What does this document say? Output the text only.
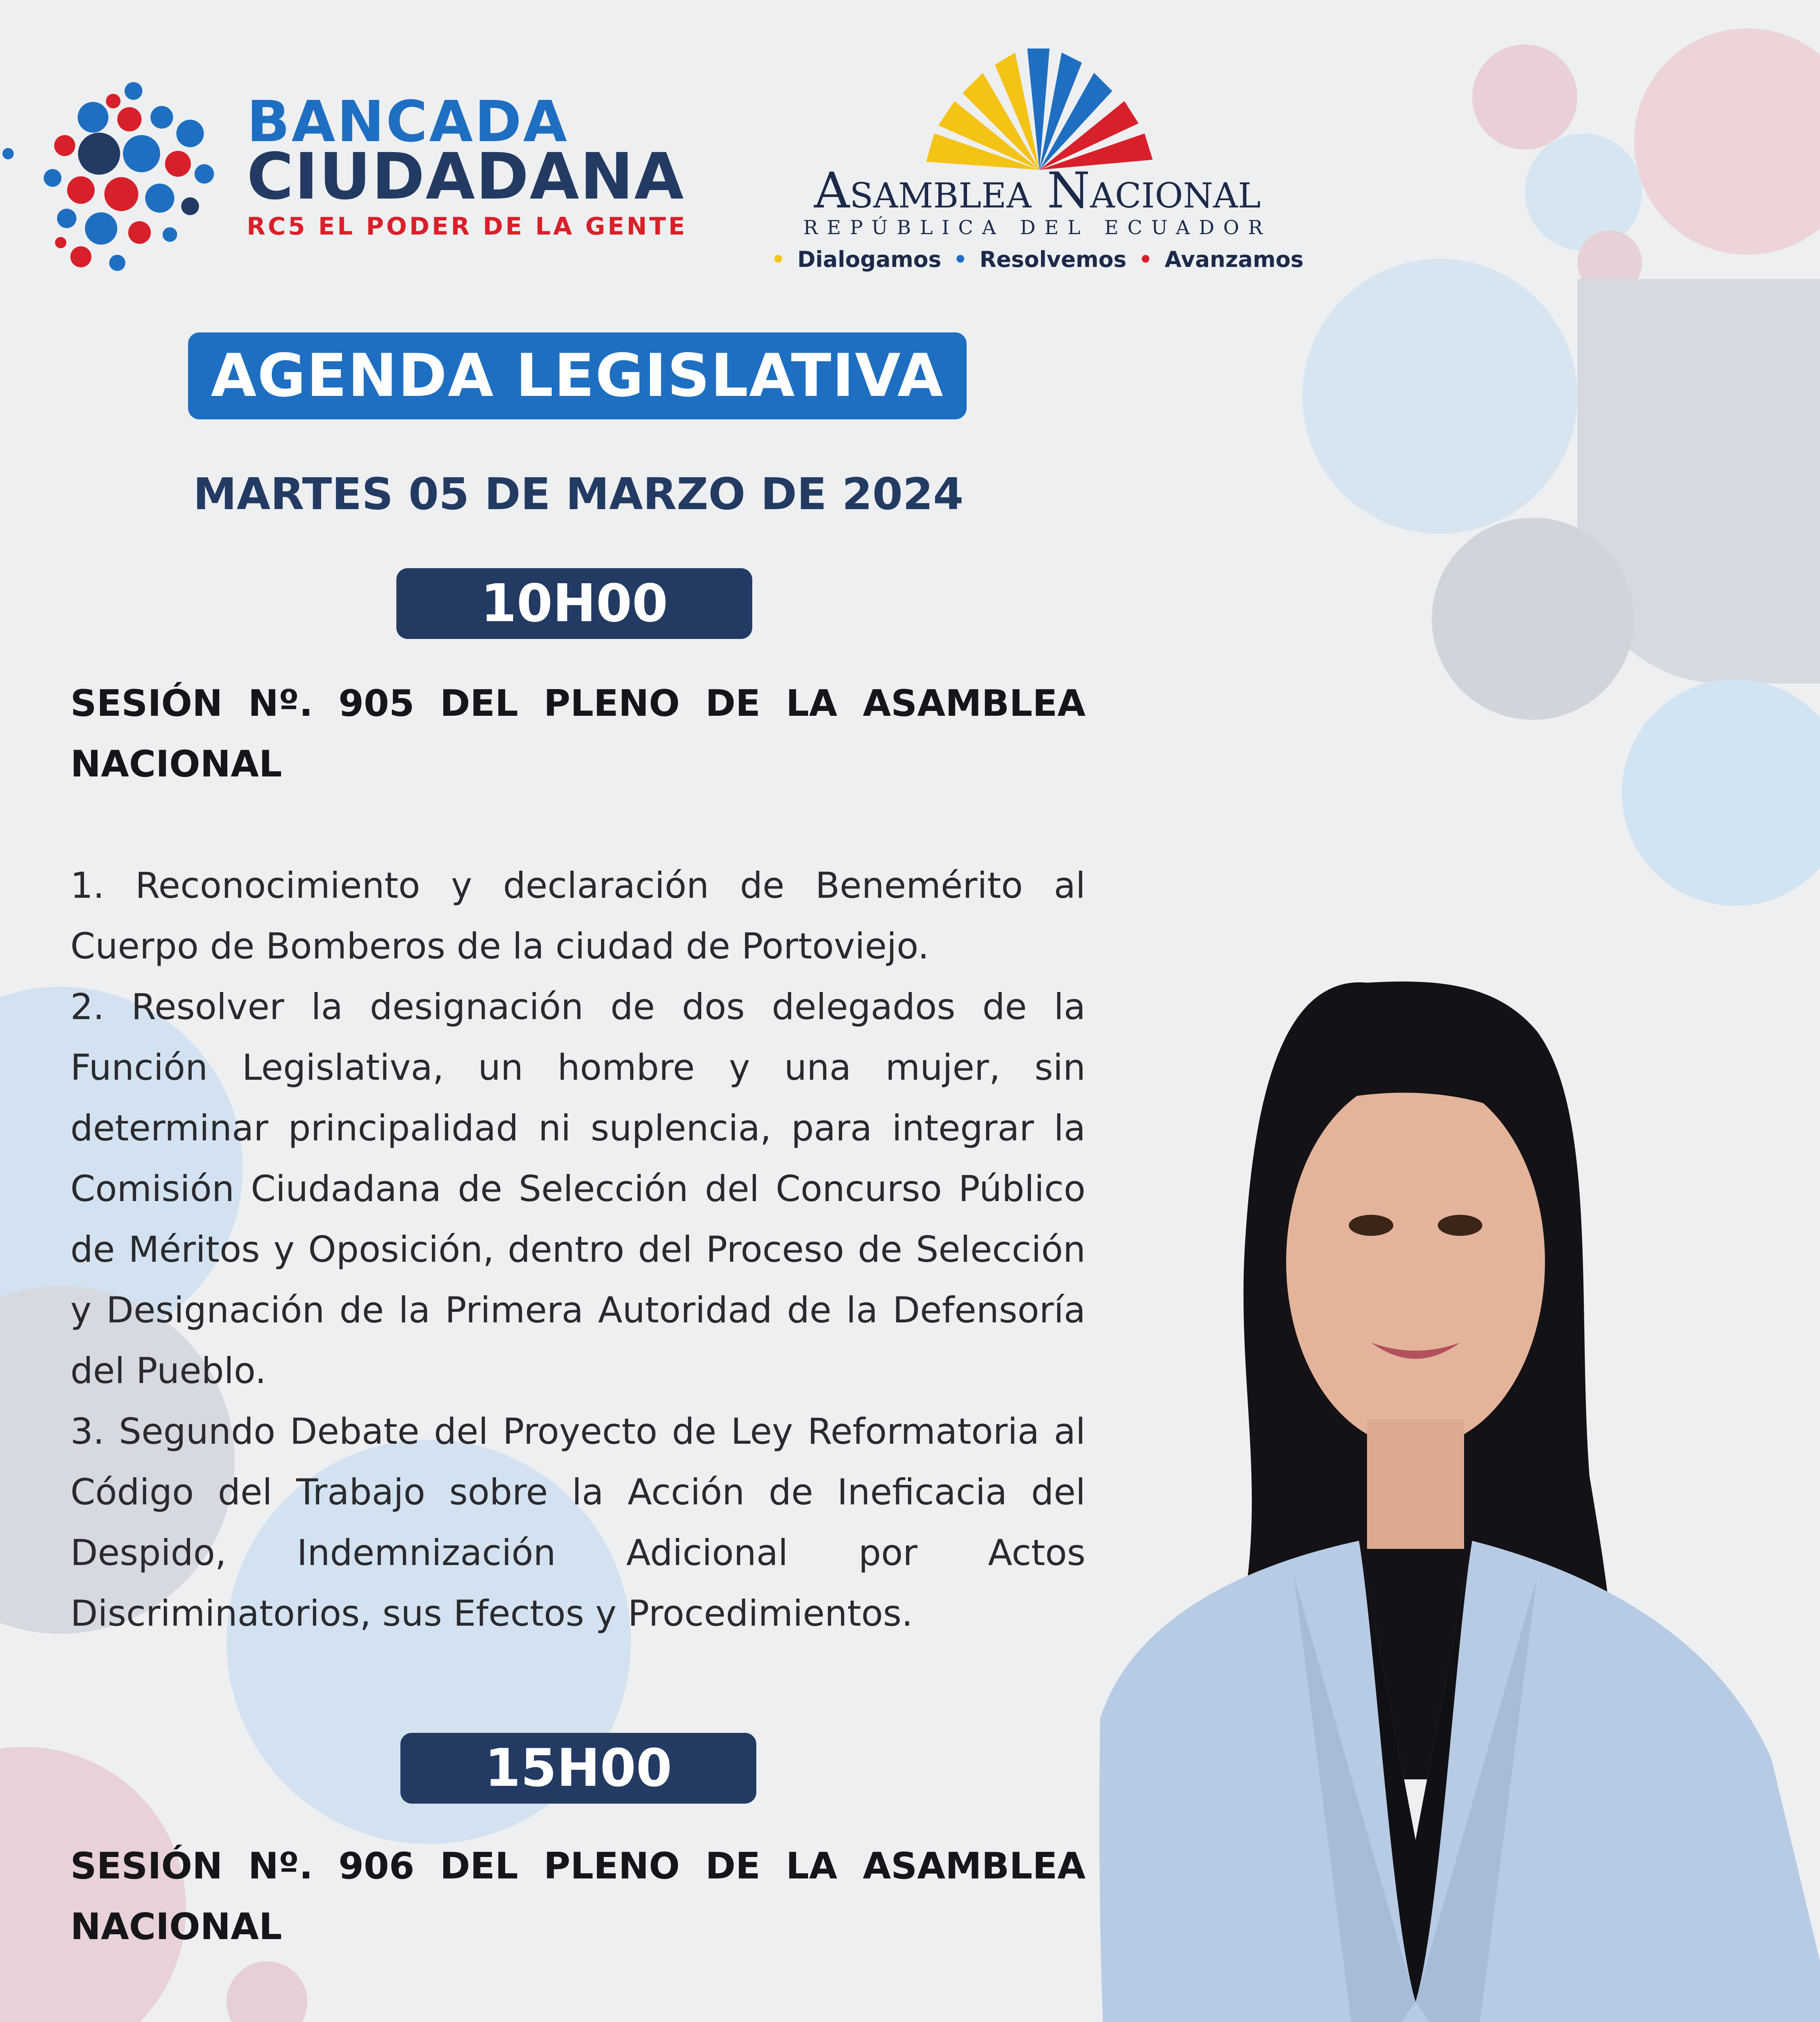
BANCADA
CIUDADANA
RC5 EL PODER DE LA GENTE
Asamblea Nacional
REPÚBLICA DEL ECUADOR
• Dialogamos • Resolvemos • Avanzamos
AGENDA LEGISLATIVA
MARTES 05 DE MARZO DE 2024
10H00
SESIÓN Nº. 905 DEL PLENO DE LA ASAMBLEA NACIONAL

1. Reconocimiento y declaración de Benemérito al Cuerpo de Bomberos de la ciudad de Portoviejo.

2. Resolver la designación de dos delegados de la Función Legislativa, un hombre y una mujer, sin determinar principalidad ni suplencia, para integrar la Comisión Ciudadana de Selección del Concurso Público de Méritos y Oposición, dentro del Proceso de Selección y Designación de la Primera Autoridad de la Defensoría del Pueblo.

3. Segundo Debate del Proyecto de Ley Reformatoria al Código del Trabajo sobre la Acción de Ineficacia del Despido, Indemnización Adicional por Actos Discriminatorios, sus Efectos y Procedimientos.

15H00
SESIÓN Nº. 906 DEL PLENO DE LA ASAMBLEA NACIONAL
